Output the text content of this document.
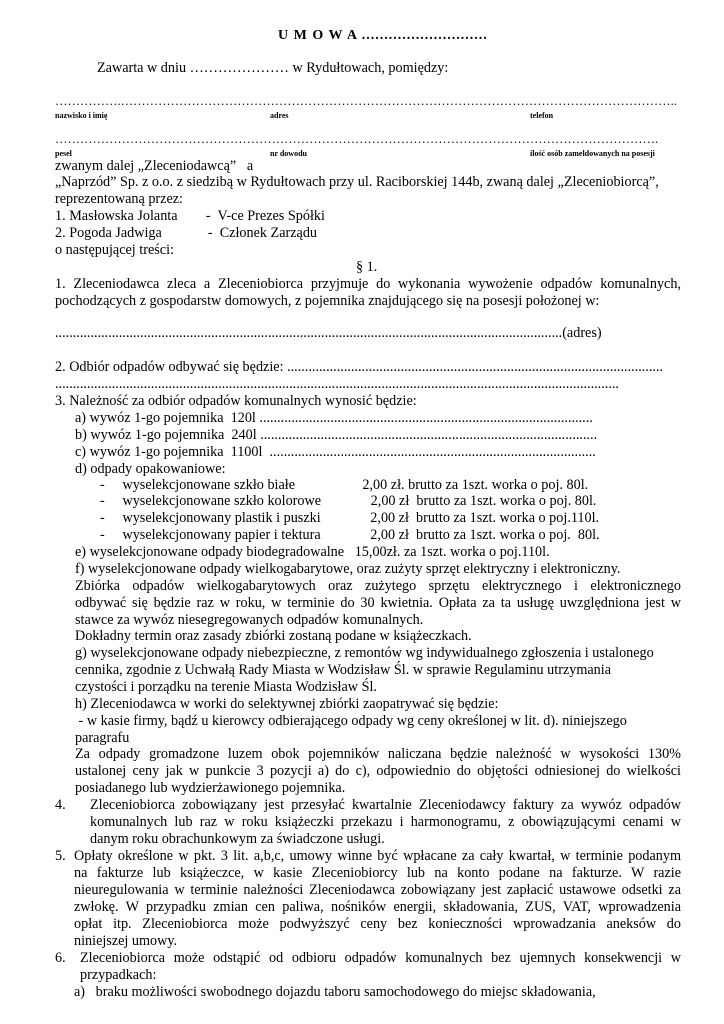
U M O W A ............................
Zawarta w dniu ………………… w Rydułtowach, pomiędzy:
…………….……………………………………………………………………………………………………………………..
nazwisko i imię	adres	telefon
……………………………………………………………………………………………………………………………….
pesel	nr dowodu	ilość osób zameldowanych na posesji
zwanym dalej „Zleceniodawcą”   a
„Naprzód” Sp. z o.o. z siedzibą w Rydułtowach przy ul. Raciborskiej 144b, zwaną dalej „Zleceniobiorcą”,
reprezentowaną przez:
1. Masłowska Jolanta        -  V-ce Prezes Spółki
2. Pogoda Jadwiga             -  Członek Zarządu
o następującej treści:
§ 1.
1. Zleceniodawca zleca a Zleceniobiorca przyjmuje do wykonania wywożenie odpadów komunalnych,
pochodzących z gospodarstw domowych, z pojemnika znajdującego się na posesji położonej w:
...............................................................................................................................................(adres)
2. Odbiór odpadów odbywać się będzie: ..........................................................................................................
...............................................................................................................................................................
3. Należność za odbiór odpadów komunalnych wynosić będzie:
a) wywóz 1-go pojemnika  120l ..............................................................................................
b) wywóz 1-go pojemnika  240l ...............................................................................................
c) wywóz 1-go pojemnika  1100l  ............................................................................................
d) odpady opakowaniowe:
-     wyselekcjonowane szkło białe                   2,00 zł. brutto za 1szt. worka o poj. 80l.
-     wyselekcjonowane szkło kolorowe              2,00 zł  brutto za 1szt. worka o poj. 80l.
-     wyselekcjonowany plastik i puszki              2,00 zł  brutto za 1szt. worka o poj.110l.
-     wyselekcjonowany papier i tektura              2,00 zł  brutto za 1szt. worka o poj.  80l.
e) wyselekcjonowane odpady biodegradowalne   15,00zł. za 1szt. worka o poj.110l.
f) wyselekcjonowane odpady wielkogabarytowe, oraz zużyty sprzęt elektryczny i elektroniczny.
Zbiórka odpadów wielkogabarytowych oraz zużytego sprzętu elektrycznego i elektronicznego
odbywać się będzie raz w roku, w terminie do 30 kwietnia. Opłata za ta usługę uwzględniona jest w
stawce za wywóz niesegregowanych odpadów komunalnych.
Dokładny termin oraz zasady zbiórki zostaną podane w książeczkach.
g) wyselekcjonowane odpady niebezpieczne, z remontów wg indywidualnego zgłoszenia i ustalonego
cennika, zgodnie z Uchwałą Rady Miasta w Wodzisław Śl. w sprawie Regulaminu utrzymania
czystości i porządku na terenie Miasta Wodzisław Śl.
h) Zleceniodawca w worki do selektywnej zbiórki zaopatrywać się będzie:
- w kasie firmy, bądź u kierowcy odbierającego odpady wg ceny określonej w lit. d). niniejszego
paragrafu
Za odpady gromadzone luzem obok pojemników naliczana będzie należność w wysokości 130%
ustalonej ceny jak w punkcie 3 pozycji a) do c), odpowiednio do objętości odniesionej do wielkości
posiadanego lub wydzierżawionego pojemnika.
4. Zleceniobiorca zobowiązany jest przesyłać kwartalnie Zleceniodawcy faktury za wywóz odpadów
komunalnych lub raz w roku książeczki przekazu i harmonogramu, z obowiązującymi cenami w
danym roku obrachunkowym za świadczone usługi.
5. Opłaty określone w pkt. 3 lit. a,b,c, umowy winne być wpłacane za cały kwartał, w terminie podanym
na fakturze lub książeczce, w kasie Zleceniobiorcy lub na konto podane na fakturze. W razie
nieuregulowania w terminie należności Zleceniodawca zobowiązany jest zapłacić ustawowe odsetki za
zwłokę. W przypadku zmian cen paliwa, nośników energii, składowania, ZUS, VAT, wprowadzenia
opłat itp. Zleceniobiorca może podwyższyć ceny bez konieczności wprowadzania aneksów do
niniejszej umowy.
6. Zleceniobiorca może odstąpić od odbioru odpadów komunalnych bez ujemnych konsekwencji w
przypadkach:
a)   braku możliwości swobodnego dojazdu taboru samochodowego do miejsc składowania,
